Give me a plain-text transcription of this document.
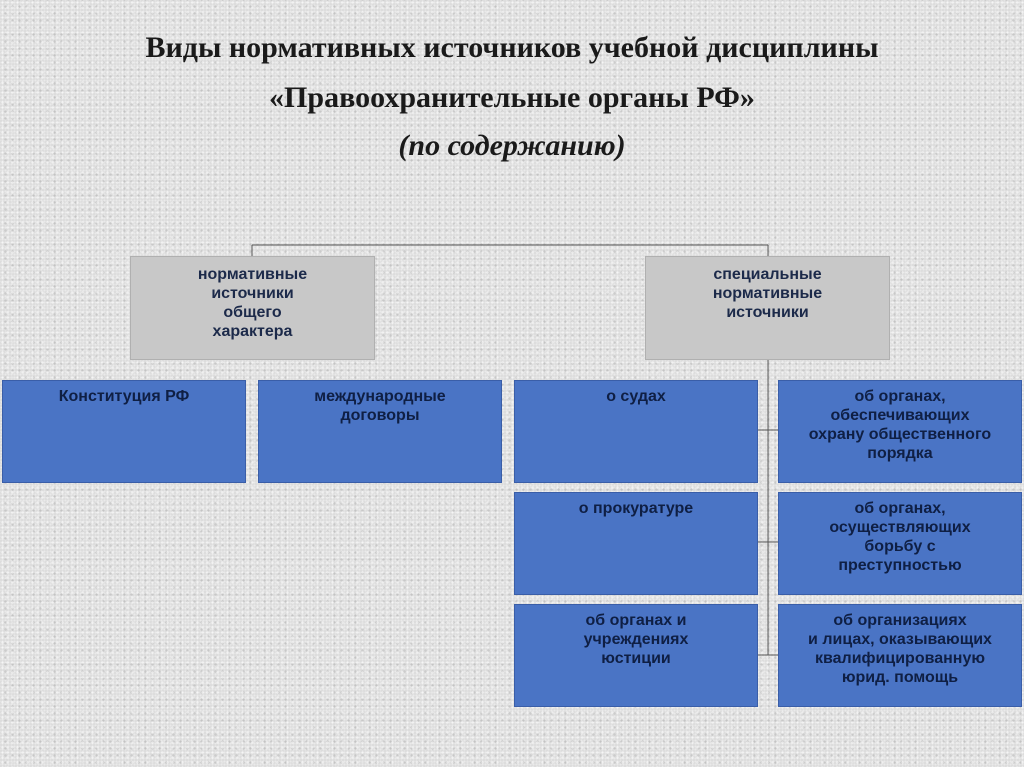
Виды нормативных источников учебной дисциплины
«Правоохранительные органы РФ»
(по содержанию)
нормативные
источники
общего
характера
специальные
нормативные
источники
Конституция РФ	международные
договоры
о судах
о прокуратуре
об органах и
учреждениях
юстиции
об органах,
обеспечивающих
охрану общественного
порядка
об органах,
осуществляющих
борьбу с
преступностью
об организациях
и лицах, оказывающих
квалифицированную
юрид. помощь
